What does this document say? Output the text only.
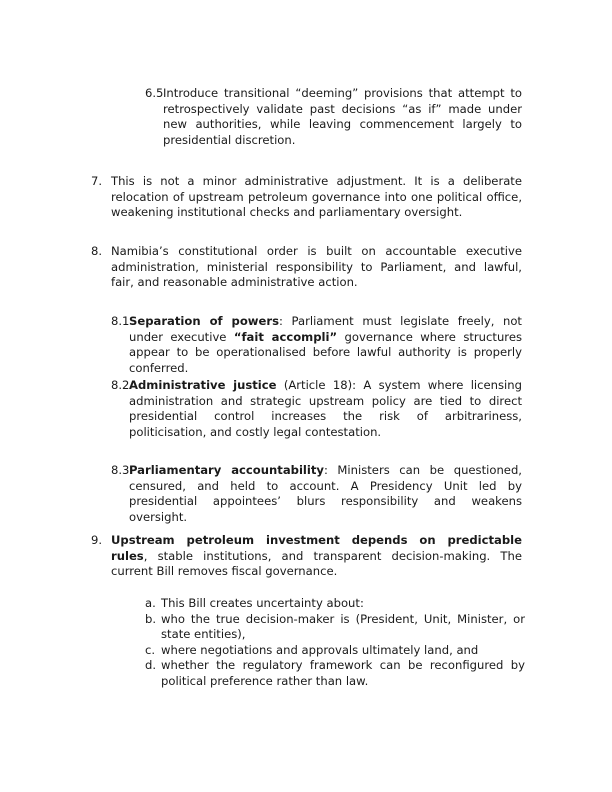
6.5 Introduce transitional “deeming” provisions that attempt to retrospectively validate past decisions “as if” made under new authorities, while leaving commencement largely to presidential discretion.

7. This is not a minor administrative adjustment. It is a deliberate relocation of upstream petroleum governance into one political office, weakening institutional checks and parliamentary oversight.

8. Namibia’s constitutional order is built on accountable executive administration, ministerial responsibility to Parliament, and lawful, fair, and reasonable administrative action.

8.1 Separation of powers: Parliament must legislate freely, not under executive “fait accompli” governance where structures appear to be operationalised before lawful authority is properly conferred.

8.2 Administrative justice (Article 18): A system where licensing administration and strategic upstream policy are tied to direct presidential control increases the risk of arbitrariness, politicisation, and costly legal contestation.

8.3 Parliamentary accountability: Ministers can be questioned, censured, and held to account. A Presidency Unit led by presidential appointees’ blurs responsibility and weakens oversight.

9. Upstream petroleum investment depends on predictable rules, stable institutions, and transparent decision-making. The current Bill removes fiscal governance.

a. This Bill creates uncertainty about:

b. who the true decision-maker is (President, Unit, Minister, or state entities),

c. where negotiations and approvals ultimately land, and

d. whether the regulatory framework can be reconfigured by political preference rather than law.
